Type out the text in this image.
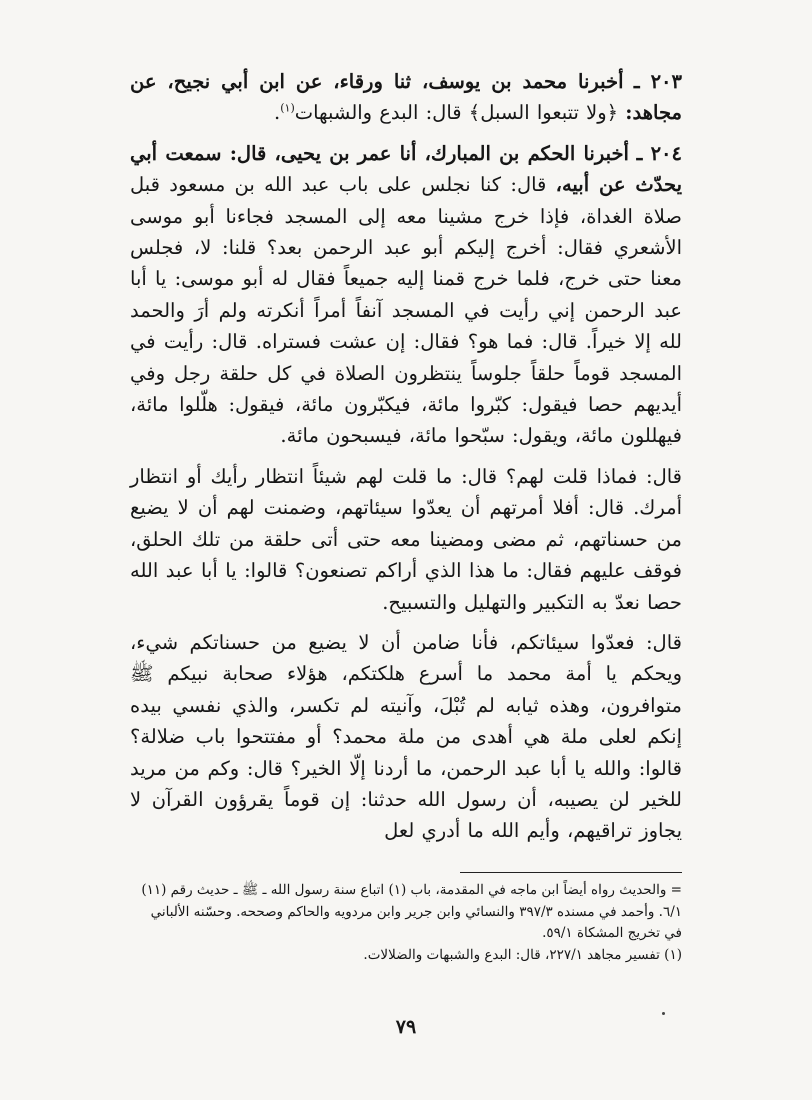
٢٠٣ ـ أخبرنا محمد بن يوسف، ثنا ورقاء، عن ابن أبي نجيح، عن مجاهد: ﴿ولا تتبعوا السبل﴾ قال: البدع والشبهات$^{(١)}$.

٢٠٤ ـ أخبرنا الحكم بن المبارك، أنا عمر بن يحيى، قال: سمعت أبي يحدّث عن أبيه، قال: كنا نجلس على باب عبد الله بن مسعود قبل صلاة الغداة، فإذا خرج مشينا معه إلى المسجد فجاءنا أبو موسى الأشعري فقال: أخرج إليكم أبو عبد الرحمن بعد؟ قلنا: لا، فجلس معنا حتى خرج، فلما خرج قمنا إليه جميعاً فقال له أبو موسى: يا أبا عبد الرحمن إني رأيت في المسجد آنفاً أمراً أنكرته ولم أرَ والحمد لله إلا خيراً. قال: فما هو؟ فقال: إن عشت فستراه. قال: رأيت في المسجد قوماً حلقاً جلوساً ينتظرون الصلاة في كل حلقة رجل وفي أيديهم حصا فيقول: كبّروا مائة، فيكبّرون مائة، فيقول: هلّلوا مائة، فيهللون مائة، ويقول: سبّحوا مائة، فيسبحون مائة.

قال: فماذا قلت لهم؟ قال: ما قلت لهم شيئاً انتظار رأيك أو انتظار أمرك. قال: أفلا أمرتهم أن يعدّوا سيئاتهم، وضمنت لهم أن لا يضيع من حسناتهم، ثم مضى ومضينا معه حتى أتى حلقة من تلك الحلق، فوقف عليهم فقال: ما هذا الذي أراكم تصنعون؟ قالوا: يا أبا عبد الله حصا نعدّ به التكبير والتهليل والتسبيح.

قال: فعدّوا سيئاتكم، فأنا ضامن أن لا يضيع من حسناتكم شيء، ويحكم يا أمة محمد ما أسرع هلكتكم، هؤلاء صحابة نبيكم ﷺ متوافرون، وهذه ثيابه لم تُبْلَ، وآنيته لم تكسر، والذي نفسي بيده إنكم لعلى ملة هي أهدى من ملة محمد؟ أو مفتتحوا باب ضلالة؟ قالوا: والله يا أبا عبد الرحمن، ما أردنا إلّا الخير؟ قال: وكم من مريد للخير لن يصيبه، أن رسول الله حدثنا: إن قوماً يقرؤون القرآن لا يجاوز تراقيهم، وأيم الله ما أدري لعل

= والحديث رواه أيضاً ابن ماجه في المقدمة، باب (١) اتباع سنة رسول الله ـ ﷺ ـ حديث رقم (١١) ٦/١. وأحمد في مسنده ٣٩٧/٣ والنسائي وابن جرير وابن مردويه والحاكم وصححه. وحسّنه الألباني في تخريج المشكاة ٥٩/١.

(١) تفسير مجاهد ٢٢٧/١، قال: البدع والشبهات والضلالات.

٧٩
